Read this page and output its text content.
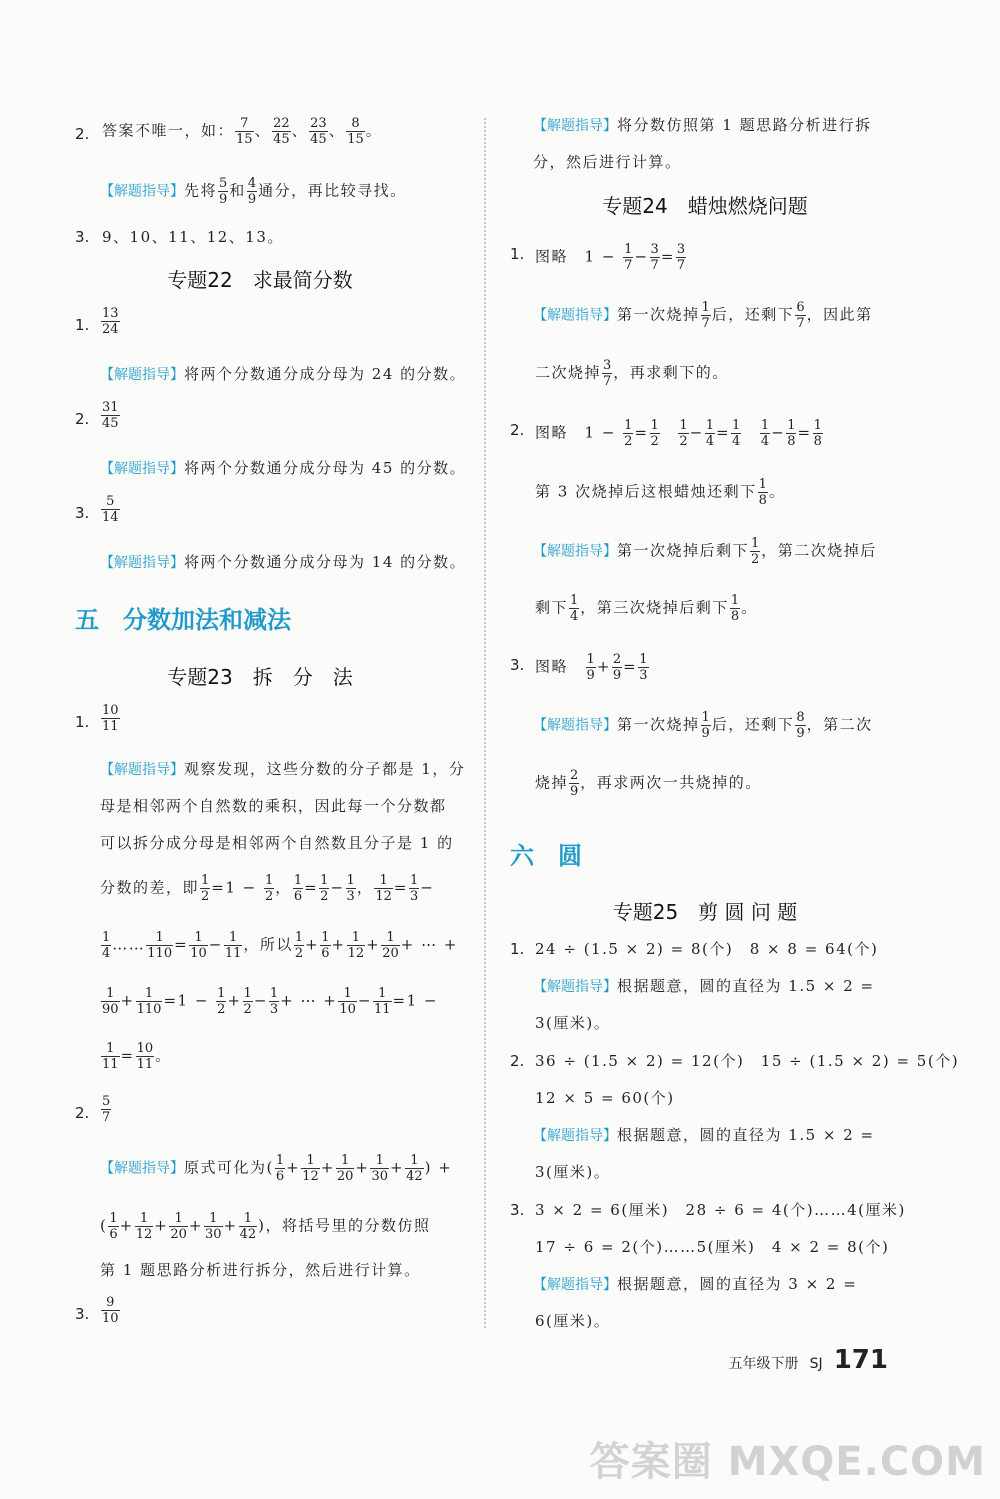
2. 答案不唯一，如： $\frac{7}{15}$ 、 $\frac{22}{45}$ 、 $\frac{23}{45}$ 、 $\frac{8}{15}$ 。
【解题指导】先将 $\frac{5}{9}$ 和 $\frac{4}{9}$ 通分，再比较寻找。
3. 9、10、11、12、13。
专题22　求最简分数
1. $\frac{13}{24}$
【解题指导】将两个分数通分成分母为 24 的分数。
2. $\frac{31}{45}$
【解题指导】将两个分数通分成分母为 45 的分数。
3. $\frac{5}{14}$
【解题指导】将两个分数通分成分母为 14 的分数。
五　分数加法和减法
专题23　拆　分　法
1. $\frac{10}{11}$
【解题指导】观察发现，这些分数的分子都是 1，分
母是相邻两个自然数的乘积，因此每一个分数都
可以拆分成分母是相邻两个自然数且分子是 1 的
分数的差，即 $\frac{1}{2} =1 - \frac{1}{2}$ ， $\frac{1}{6} = \frac{1}{2} - \frac{1}{3}$ ， $\frac{1}{12} = \frac{1}{3}$ −
$\frac{1}{4}$ …… $\frac{1}{110} = \frac{1}{10} - \frac{1}{11}$ ，所以 $\frac{1}{2} + \frac{1}{6} + \frac{1}{12} + \frac{1}{20}$ + ⋯ +
$\frac{1}{90} + \frac{1}{110} =1 - \frac{1}{2} + \frac{1}{2} - \frac{1}{3}$ + ⋯ + $\frac{1}{10} - \frac{1}{11} =1$ −
$\frac{1}{11} = \frac{10}{11}$ 。
2. $\frac{5}{7}$
【解题指导】原式可化为( $\frac{1}{6} + \frac{1}{12} + \frac{1}{20} + \frac{1}{30} + \frac{1}{42}$ ) +
( $\frac{1}{6} + \frac{1}{12} + \frac{1}{20} + \frac{1}{30} + \frac{1}{42}$ )，将括号里的分数仿照
第 1 题思路分析进行拆分，然后进行计算。
3. $\frac{9}{10}$
【解题指导】将分数仿照第 1 题思路分析进行拆
分，然后进行计算。
专题24　蜡烛燃烧问题
1. 图略　$1 - \frac{1}{7} - \frac{3}{7} = \frac{3}{7}$
【解题指导】第一次烧掉 $\frac{1}{7}$ 后，还剩下 $\frac{6}{7}$ ，因此第
二次烧掉 $\frac{3}{7}$ ，再求剩下的。
2. 图略　$1 - \frac{1}{2} = \frac{1}{2}$
　 $\frac{1}{2} - \frac{1}{4} = \frac{1}{4}$
　 $\frac{1}{4} - \frac{1}{8} = \frac{1}{8}$
第 3 次烧掉后这根蜡烛还剩下 $\frac{1}{8}$ 。
【解题指导】第一次烧掉后剩下 $\frac{1}{2}$ ，第二次烧掉后
剩下 $\frac{1}{4}$ ，第三次烧掉后剩下 $\frac{1}{8}$ 。
3. 图略　 $\frac{1}{9} + \frac{2}{9} = \frac{1}{3}$
【解题指导】第一次烧掉 $\frac{1}{9}$ 后，还剩下 $\frac{8}{9}$ ，第二次
烧掉 $\frac{2}{9}$ ，再求两次一共烧掉的。
六　圆
专题25　剪 圆 问 题
1. 24 ÷ (1.5 × 2) = 8(个)　8 × 8 = 64(个)
【解题指导】根据题意，圆的直径为 1.5 × 2 =
3(厘米)。
2. 36 ÷ (1.5 × 2) = 12(个)　15 ÷ (1.5 × 2) = 5(个)
12 × 5 = 60(个)
【解题指导】根据题意，圆的直径为 1.5 × 2 =
3(厘米)。
3. 3 × 2 = 6(厘米)　28 ÷ 6 = 4(个)……4(厘米)
17 ÷ 6 = 2(个)……5(厘米)　4 × 2 = 8(个)
【解题指导】根据题意，圆的直径为 3 × 2 =
6(厘米)。
五年级下册 SJ 171
答案圈 MXQE.COM
